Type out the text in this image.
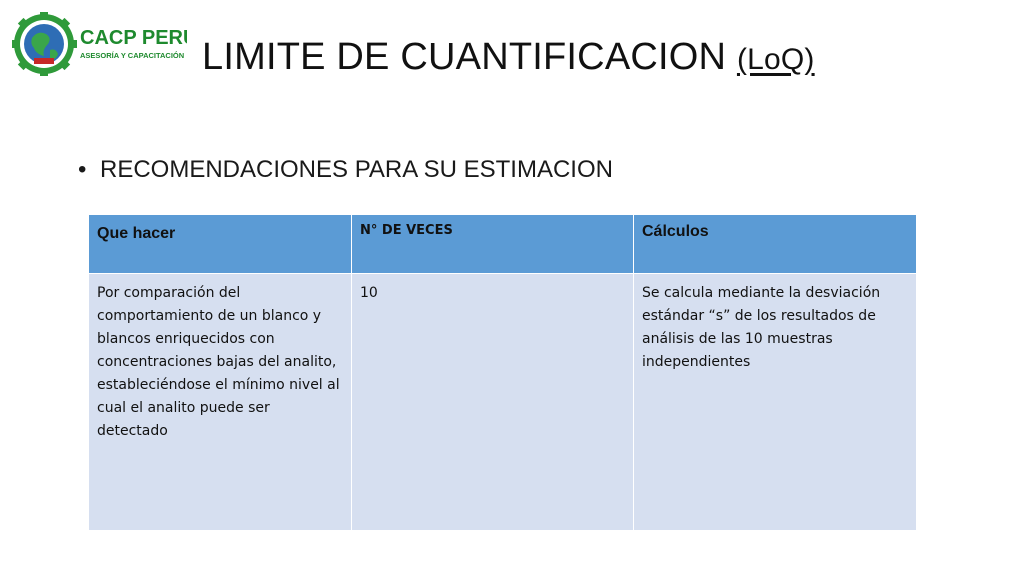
CACP PERÚ
ASESORÍA Y CAPACITACIÓN LIMITE DE CUANTIFICACION (LoQ)
• RECOMENDACIONES PARA SU ESTIMACION
Que hacer	N° DE VECES	Cálculos
Por comparación del comportamiento de un blanco y blancos enriquecidos con concentraciones bajas del analito, estableciéndose el mínimo nivel al cual el analito puede ser detectado	10	Se calcula mediante la desviación estándar “s” de los resultados de análisis de las 10 muestras independientes
